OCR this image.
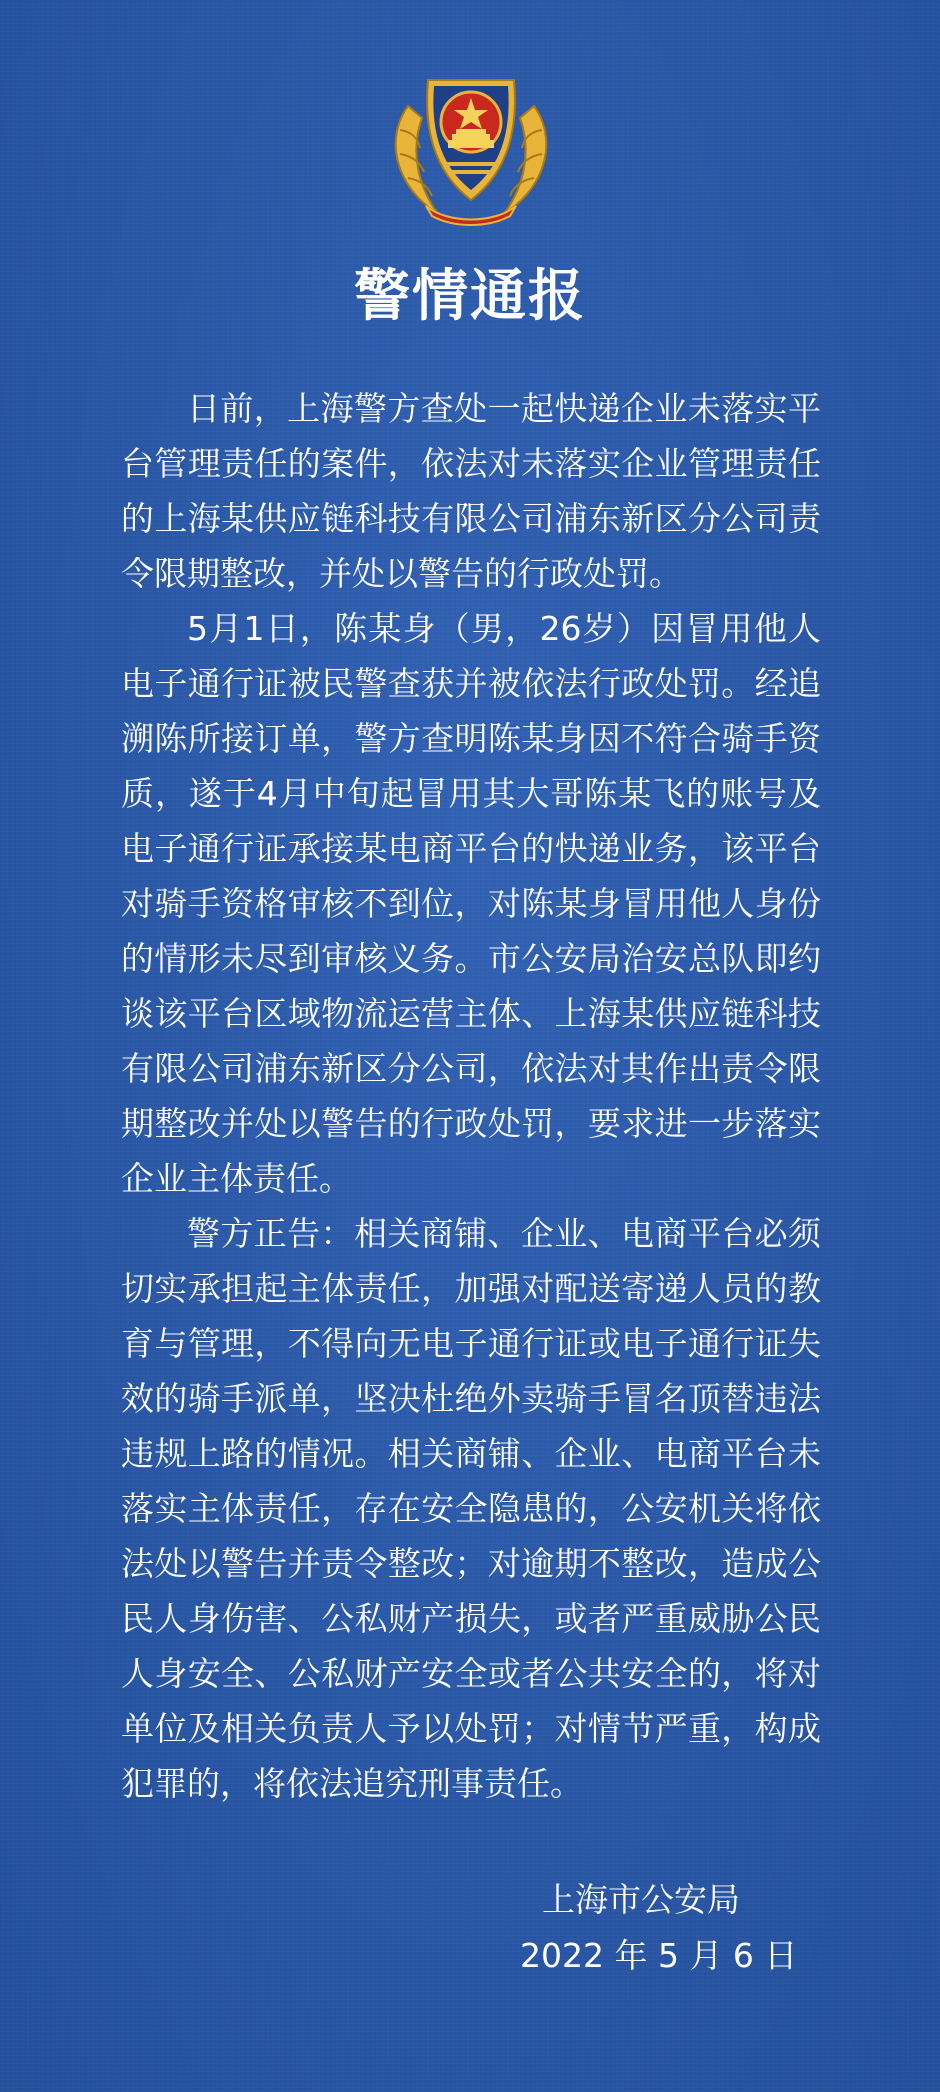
警情通报

日前，上海警方查处一起快递企业未落实平台管理责任的案件，依法对未落实企业管理责任的上海某供应链科技有限公司浦东新区分公司责令限期整改，并处以警告的行政处罚。

5月1日，陈某身（男，26岁）因冒用他人电子通行证被民警查获并被依法行政处罚。经追溯陈所接订单，警方查明陈某身因不符合骑手资质，遂于4月中旬起冒用其大哥陈某飞的账号及电子通行证承接某电商平台的快递业务，该平台对骑手资格审核不到位，对陈某身冒用他人身份的情形未尽到审核义务。市公安局治安总队即约谈该平台区域物流运营主体、上海某供应链科技有限公司浦东新区分公司，依法对其作出责令限期整改并处以警告的行政处罚，要求进一步落实企业主体责任。

警方正告：相关商铺、企业、电商平台必须切实承担起主体责任，加强对配送寄递人员的教育与管理，不得向无电子通行证或电子通行证失效的骑手派单，坚决杜绝外卖骑手冒名顶替违法违规上路的情况。相关商铺、企业、电商平台未落实主体责任，存在安全隐患的，公安机关将依法处以警告并责令整改；对逾期不整改，造成公民人身伤害、公私财产损失，或者严重威胁公民人身安全、公私财产安全或者公共安全的，将对单位及相关负责人予以处罚；对情节严重，构成犯罪的，将依法追究刑事责任。

上海市公安局
2022 年 5 月 6 日
